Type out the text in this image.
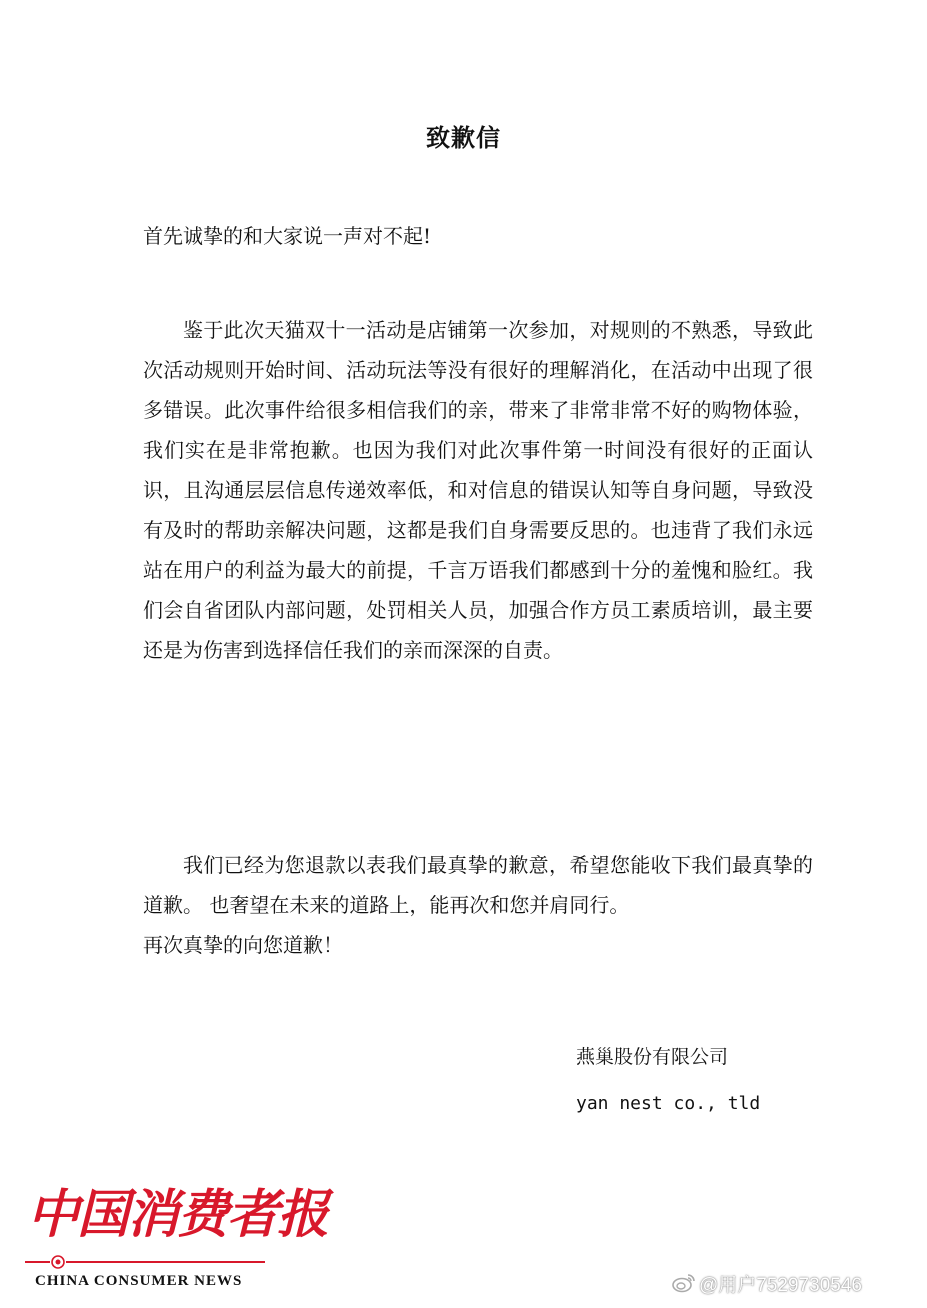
致歉信
首先诚挚的和大家说一声对不起!

鉴于此次天猫双十一活动是店铺第一次参加，对规则的不熟悉，导致此次活动规则开始时间、活动玩法等没有很好的理解消化，在活动中出现了很多错误。此次事件给很多相信我们的亲，带来了非常非常不好的购物体验，我们实在是非常抱歉。也因为我们对此次事件第一时间没有很好的正面认识，且沟通层层信息传递效率低，和对信息的错误认知等自身问题，导致没有及时的帮助亲解决问题，这都是我们自身需要反思的。也违背了我们永远站在用户的利益为最大的前提，千言万语我们都感到十分的羞愧和脸红。我们会自省团队内部问题，处罚相关人员，加强合作方员工素质培训，最主要还是为伤害到选择信任我们的亲而深深的自责。

我们已经为您退款以表我们最真挚的歉意，希望您能收下我们最真挚的道歉。 也奢望在未来的道路上，能再次和您并肩同行。

再次真挚的向您道歉！

燕巢股份有限公司
yan nest co., tld
中国消费者报
CHINA CONSUMER NEWS	@用户7529730546
